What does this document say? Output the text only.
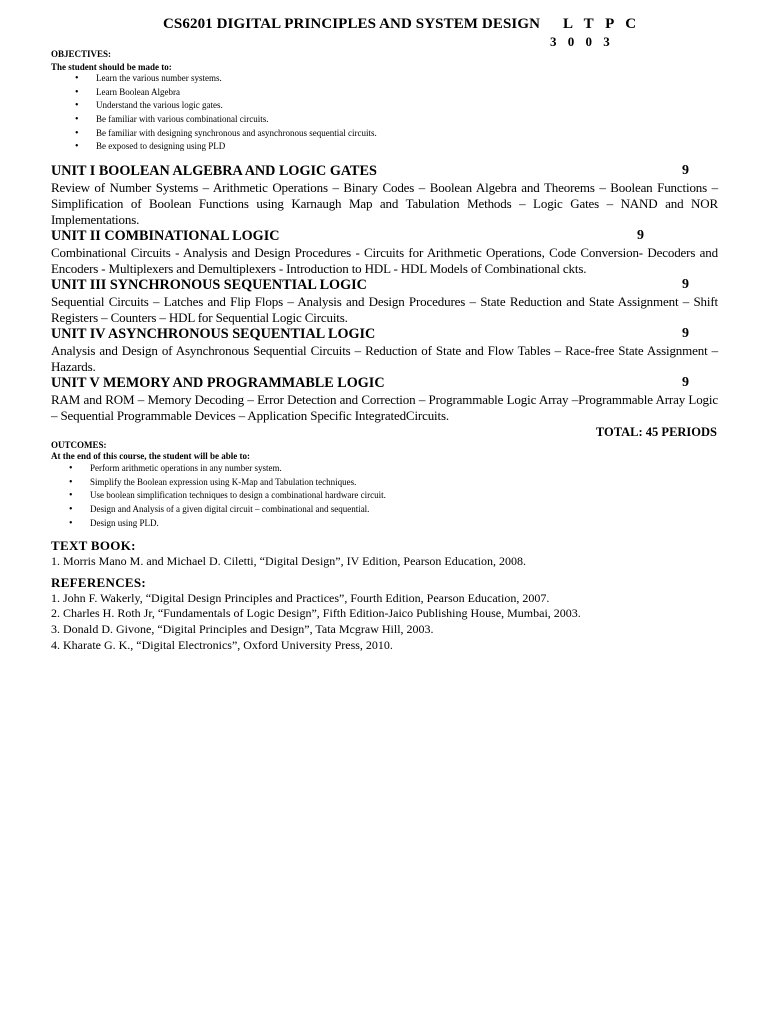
CS6201 DIGITAL PRINCIPLES AND SYSTEM DESIGN L T P C
3 0 0 3
OBJECTIVES:
The student should be made to:
• Learn the various number systems.
• Learn Boolean Algebra
• Understand the various logic gates.
• Be familiar with various combinational circuits.
• Be familiar with designing synchronous and asynchronous sequential circuits.
• Be exposed to designing using PLD
UNIT I BOOLEAN ALGEBRA AND LOGIC GATES	9
Review of Number Systems – Arithmetic Operations – Binary Codes – Boolean Algebra and Theorems – Boolean Functions – Simplification of Boolean Functions using Karnaugh Map and Tabulation Methods – Logic Gates – NAND and NOR Implementations.
UNIT II COMBINATIONAL LOGIC	9
Combinational Circuits - Analysis and Design Procedures - Circuits for Arithmetic Operations, Code Conversion- Decoders and Encoders - Multiplexers and Demultiplexers - Introduction to HDL - HDL Models of Combinational ckts.
UNIT III SYNCHRONOUS SEQUENTIAL LOGIC	9
Sequential Circuits – Latches and Flip Flops – Analysis and Design Procedures – State Reduction and State Assignment – Shift Registers – Counters – HDL for Sequential Logic Circuits.
UNIT IV ASYNCHRONOUS SEQUENTIAL LOGIC	9
Analysis and Design of Asynchronous Sequential Circuits – Reduction of State and Flow Tables – Race-free State Assignment – Hazards.
UNIT V MEMORY AND PROGRAMMABLE LOGIC	9
RAM and ROM – Memory Decoding – Error Detection and Correction – Programmable Logic Array –Programmable Array Logic – Sequential Programmable Devices – Application Specific IntegratedCircuits.
TOTAL: 45 PERIODS
OUTCOMES:
At the end of this course, the student will be able to:
• Perform arithmetic operations in any number system.
• Simplify the Boolean expression using K-Map and Tabulation techniques.
• Use boolean simplification techniques to design a combinational hardware circuit.
• Design and Analysis of a given digital circuit – combinational and sequential.
• Design using PLD.
TEXT BOOK:
1. Morris Mano M. and Michael D. Ciletti, “Digital Design”, IV Edition, Pearson Education, 2008.
REFERENCES:
1. John F. Wakerly, “Digital Design Principles and Practices”, Fourth Edition, Pearson Education, 2007.
2. Charles H. Roth Jr, “Fundamentals of Logic Design”, Fifth Edition-Jaico Publishing House, Mumbai, 2003.
3. Donald D. Givone, “Digital Principles and Design”, Tata Mcgraw Hill, 2003.
4. Kharate G. K., “Digital Electronics”, Oxford University Press, 2010.
